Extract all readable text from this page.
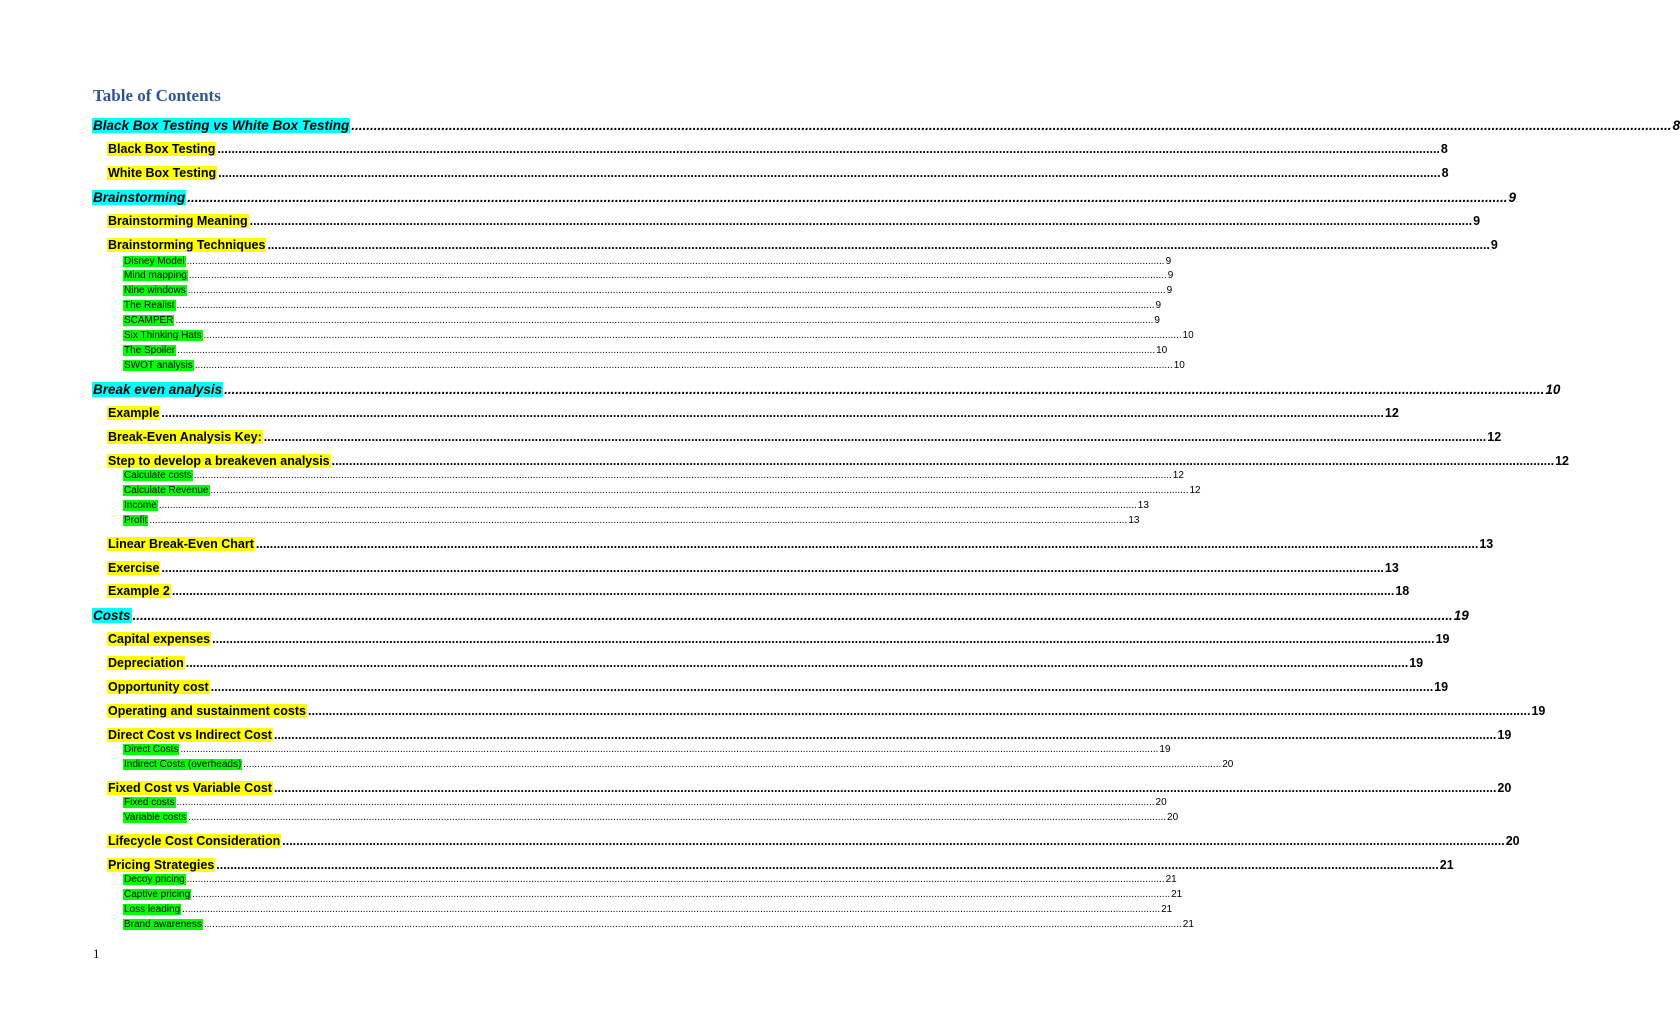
Table of Contents
Black Box Testing vs White Box Testing ................................................................................................................................................................................................................................................................................................................................................................ 8
Black Box Testing ................................................................................................................................................................................................................................................................................................................................................................ 8
White Box Testing ................................................................................................................................................................................................................................................................................................................................................................ 8
Brainstorming ................................................................................................................................................................................................................................................................................................................................................................ 9
Brainstorming Meaning ................................................................................................................................................................................................................................................................................................................................................................ 9
Brainstorming Techniques ................................................................................................................................................................................................................................................................................................................................................................ 9
Disney Model ................................................................................................................................................................................................................................................................................................................................................................ 9
Mind mapping ................................................................................................................................................................................................................................................................................................................................................................ 9
Nine windows ................................................................................................................................................................................................................................................................................................................................................................ 9
The Realist ................................................................................................................................................................................................................................................................................................................................................................ 9
SCAMPER ................................................................................................................................................................................................................................................................................................................................................................ 9
Six Thinking Hats ................................................................................................................................................................................................................................................................................................................................................................ 10
The Spoiler ................................................................................................................................................................................................................................................................................................................................................................ 10
SWOT analysis ................................................................................................................................................................................................................................................................................................................................................................ 10
Break even analysis ................................................................................................................................................................................................................................................................................................................................................................ 10
Example ................................................................................................................................................................................................................................................................................................................................................................ 12
Break-Even Analysis Key: ................................................................................................................................................................................................................................................................................................................................................................ 12
Step to develop a breakeven analysis ................................................................................................................................................................................................................................................................................................................................................................ 12
Calculate costs ................................................................................................................................................................................................................................................................................................................................................................ 12
Calculate Revenue ................................................................................................................................................................................................................................................................................................................................................................ 12
Income ................................................................................................................................................................................................................................................................................................................................................................ 13
Profit ................................................................................................................................................................................................................................................................................................................................................................ 13
Linear Break-Even Chart ................................................................................................................................................................................................................................................................................................................................................................ 13
Exercise ................................................................................................................................................................................................................................................................................................................................................................ 13
Example 2 ................................................................................................................................................................................................................................................................................................................................................................ 18
Costs ................................................................................................................................................................................................................................................................................................................................................................ 19
Capital expenses ................................................................................................................................................................................................................................................................................................................................................................ 19
Depreciation ................................................................................................................................................................................................................................................................................................................................................................ 19
Opportunity cost ................................................................................................................................................................................................................................................................................................................................................................ 19
Operating and sustainment costs ................................................................................................................................................................................................................................................................................................................................................................ 19
Direct Cost vs Indirect Cost ................................................................................................................................................................................................................................................................................................................................................................ 19
Direct Costs ................................................................................................................................................................................................................................................................................................................................................................ 19
Indirect Costs (overheads) ................................................................................................................................................................................................................................................................................................................................................................ 20
Fixed Cost vs Variable Cost ................................................................................................................................................................................................................................................................................................................................................................ 20
Fixed costs ................................................................................................................................................................................................................................................................................................................................................................ 20
Variable costs ................................................................................................................................................................................................................................................................................................................................................................ 20
Lifecycle Cost Consideration ................................................................................................................................................................................................................................................................................................................................................................ 20
Pricing Strategies ................................................................................................................................................................................................................................................................................................................................................................ 21
Decoy pricing ................................................................................................................................................................................................................................................................................................................................................................ 21
Captive pricing ................................................................................................................................................................................................................................................................................................................................................................ 21
Loss leading ................................................................................................................................................................................................................................................................................................................................................................ 21
Brand awareness ................................................................................................................................................................................................................................................................................................................................................................ 21
1
